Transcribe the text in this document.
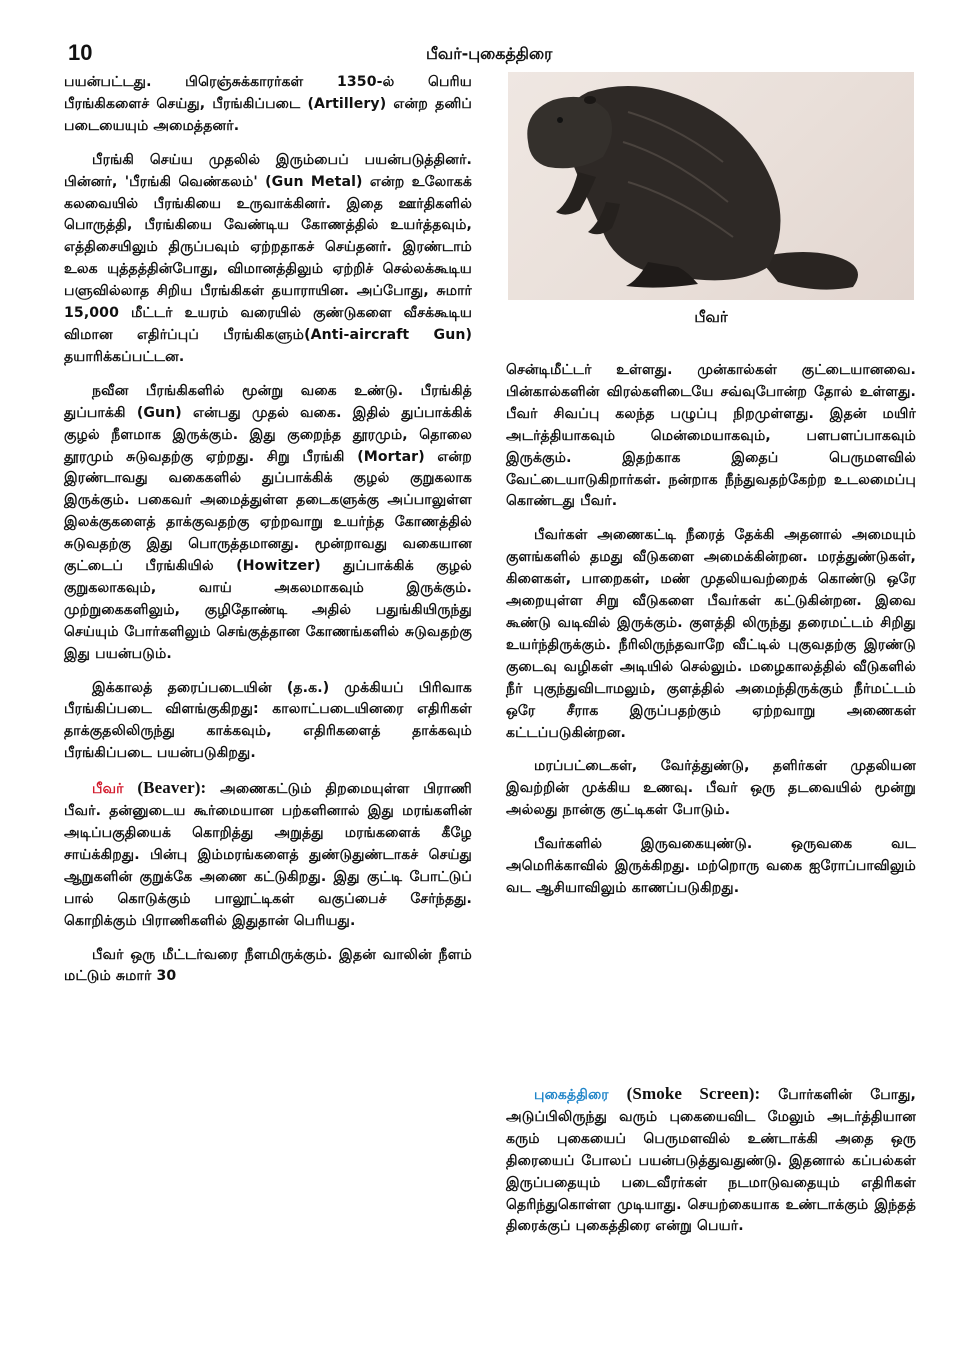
10	பீவர்-புகைத்திரை

பயன்பட்டது. பிரெஞ்சுக்காரர்கள் 1350-ல் பெரிய பீரங்கிகளைச் செய்து, பீரங்கிப்படை (Artillery) என்ற தனிப் படையையும் அமைத்தனர்.

பீரங்கி செய்ய முதலில் இரும்பைப் பயன்படுத்தினர். பின்னர், 'பீரங்கி வெண்கலம்' (Gun Metal) என்ற உலோகக் கலவையில் பீரங்கியை உருவாக்கினர். இதை ஊர்திகளில் பொருத்தி, பீரங்கியை வேண்டிய கோணத்தில் உயர்த்தவும், எத்திசையிலும் திருப்பவும் ஏற்றதாகச் செய்தனர். இரண்டாம் உலக யுத்தத்தின்போது, விமானத்திலும் ஏற்றிச் செல்லக்கூடிய பளுவில்லாத சிறிய பீரங்கிகள் தயாராயின. அப்போது, சுமார் 15,000 மீட்டர் உயரம் வரையில் குண்டுகளை வீசக்கூடிய விமான எதிர்ப்புப் பீரங்கிகளும்(Anti-aircraft Gun) தயாரிக்கப்பட்டன.

நவீன பீரங்கிகளில் மூன்று வகை உண்டு. பீரங்கித் துப்பாக்கி (Gun) என்பது முதல் வகை. இதில் துப்பாக்கிக் குழல் நீளமாக இருக்கும். இது குறைந்த தூரமும், தொலை தூரமும் சுடுவதற்கு ஏற்றது. சிறு பீரங்கி (Mortar) என்ற இரண்டாவது வகைகளில் துப்பாக்கிக் குழல் குறுகலாக இருக்கும். பகைவர் அமைத்துள்ள தடைகளுக்கு அப்பாலுள்ள இலக்குகளைத் தாக்குவதற்கு ஏற்றவாறு உயர்ந்த கோணத்தில் சுடுவதற்கு இது பொருத்தமானது. மூன்றாவது வகையான குட்டைப் பீரங்கியில் (Howitzer) துப்பாக்கிக் குழல் குறுகலாகவும், வாய் அகலமாகவும் இருக்கும். முற்றுகைகளிலும், குழிதோண்டி அதில் பதுங்கியிருந்து செய்யும் போர்களிலும் செங்குத்தான கோணங்களில் சுடுவதற்கு இது பயன்படும்.

இக்காலத் தரைப்படையின் (த.க.) முக்கியப் பிரிவாக பீரங்கிப்படை விளங்குகிறது: காலாட்படையினரை எதிரிகள் தாக்குதலிலிருந்து காக்கவும், எதிரிகளைத் தாக்கவும் பீரங்கிப்படை பயன்படுகிறது.

பீவர் (Beaver): அணைகட்டும் திறமையுள்ள பிராணி பீவர். தன்னுடைய கூர்மையான பற்களினால் இது மரங்களின் அடிப்பகுதியைக் கொறித்து அறுத்து மரங்களைக் கீழே சாய்க்கிறது. பின்பு இம்மரங்களைத் துண்டுதுண்டாகச் செய்து ஆறுகளின் குறுக்கே அணை கட்டுகிறது. இது குட்டி போட்டுப் பால் கொடுக்கும் பாலூட்டிகள் வகுப்பைச் சேர்ந்தது. கொறிக்கும் பிராணிகளில் இதுதான் பெரியது.

பீவர் ஒரு மீட்டர்வரை நீளமிருக்கும். இதன் வாலின் நீளம் மட்டும் சுமார் 30

பீவர்

சென்டிமீட்டர் உள்ளது. முன்கால்கள் குட்டையானவை. பின்கால்களின் விரல்களிடையே சவ்வுபோன்ற தோல் உள்ளது. பீவர் சிவப்பு கலந்த பழுப்பு நிறமுள்ளது. இதன் மயிர் அடர்த்தியாகவும் மென்மையாகவும், பளபளப்பாகவும் இருக்கும். இதற்காக இதைப் பெருமளவில் வேட்டையாடுகிறார்கள். நன்றாக நீந்துவதற்கேற்ற உடலமைப்பு கொண்டது பீவர்.

பீவர்கள் அணைகட்டி நீரைத் தேக்கி அதனால் அமையும் குளங்களில் தமது வீடுகளை அமைக்கின்றன. மரத்துண்டுகள், கிளைகள், பாறைகள், மண் முதலியவற்றைக் கொண்டு ஒரே அறையுள்ள சிறு வீடுகளை பீவர்கள் கட்டுகின்றன. இவை கூண்டு வடிவில் இருக்கும். குளத்தி லிருந்து தரைமட்டம் சிறிது உயர்ந்திருக்கும். நீரிலிருந்தவாறே வீட்டில் புகுவதற்கு இரண்டு குடைவு வழிகள் அடியில் செல்லும். மழைகாலத்தில் வீடுகளில் நீர் புகுந்துவிடாமலும், குளத்தில் அமைந்திருக்கும் நீர்மட்டம் ஒரே சீராக இருப்பதற்கும் ஏற்றவாறு அணைகள் கட்டப்படுகின்றன.

மரப்பட்டைகள், வேர்த்துண்டு, தளிர்கள் முதலியன இவற்றின் முக்கிய உணவு. பீவர் ஒரு தடவையில் மூன்று அல்லது நான்கு குட்டிகள் போடும்.

பீவர்களில் இருவகையுண்டு. ஒருவகை வட அமெரிக்காவில் இருக்கிறது. மற்றொரு வகை ஐரோப்பாவிலும் வட ஆசியாவிலும் காணப்படுகிறது.

புகைத்திரை (Smoke Screen): போர்களின் போது, அடுப்பிலிருந்து வரும் புகையைவிட மேலும் அடர்த்தியான கரும் புகையைப் பெருமளவில் உண்டாக்கி அதை ஒரு திரையைப் போலப் பயன்படுத்துவதுண்டு. இதனால் கப்பல்கள் இருப்பதையும் படைவீரர்கள் நடமாடுவதையும் எதிரிகள் தெரிந்துகொள்ள முடியாது. செயற்கையாக உண்டாக்கும் இந்தத் திரைக்குப் புகைத்திரை என்று பெயர்.
